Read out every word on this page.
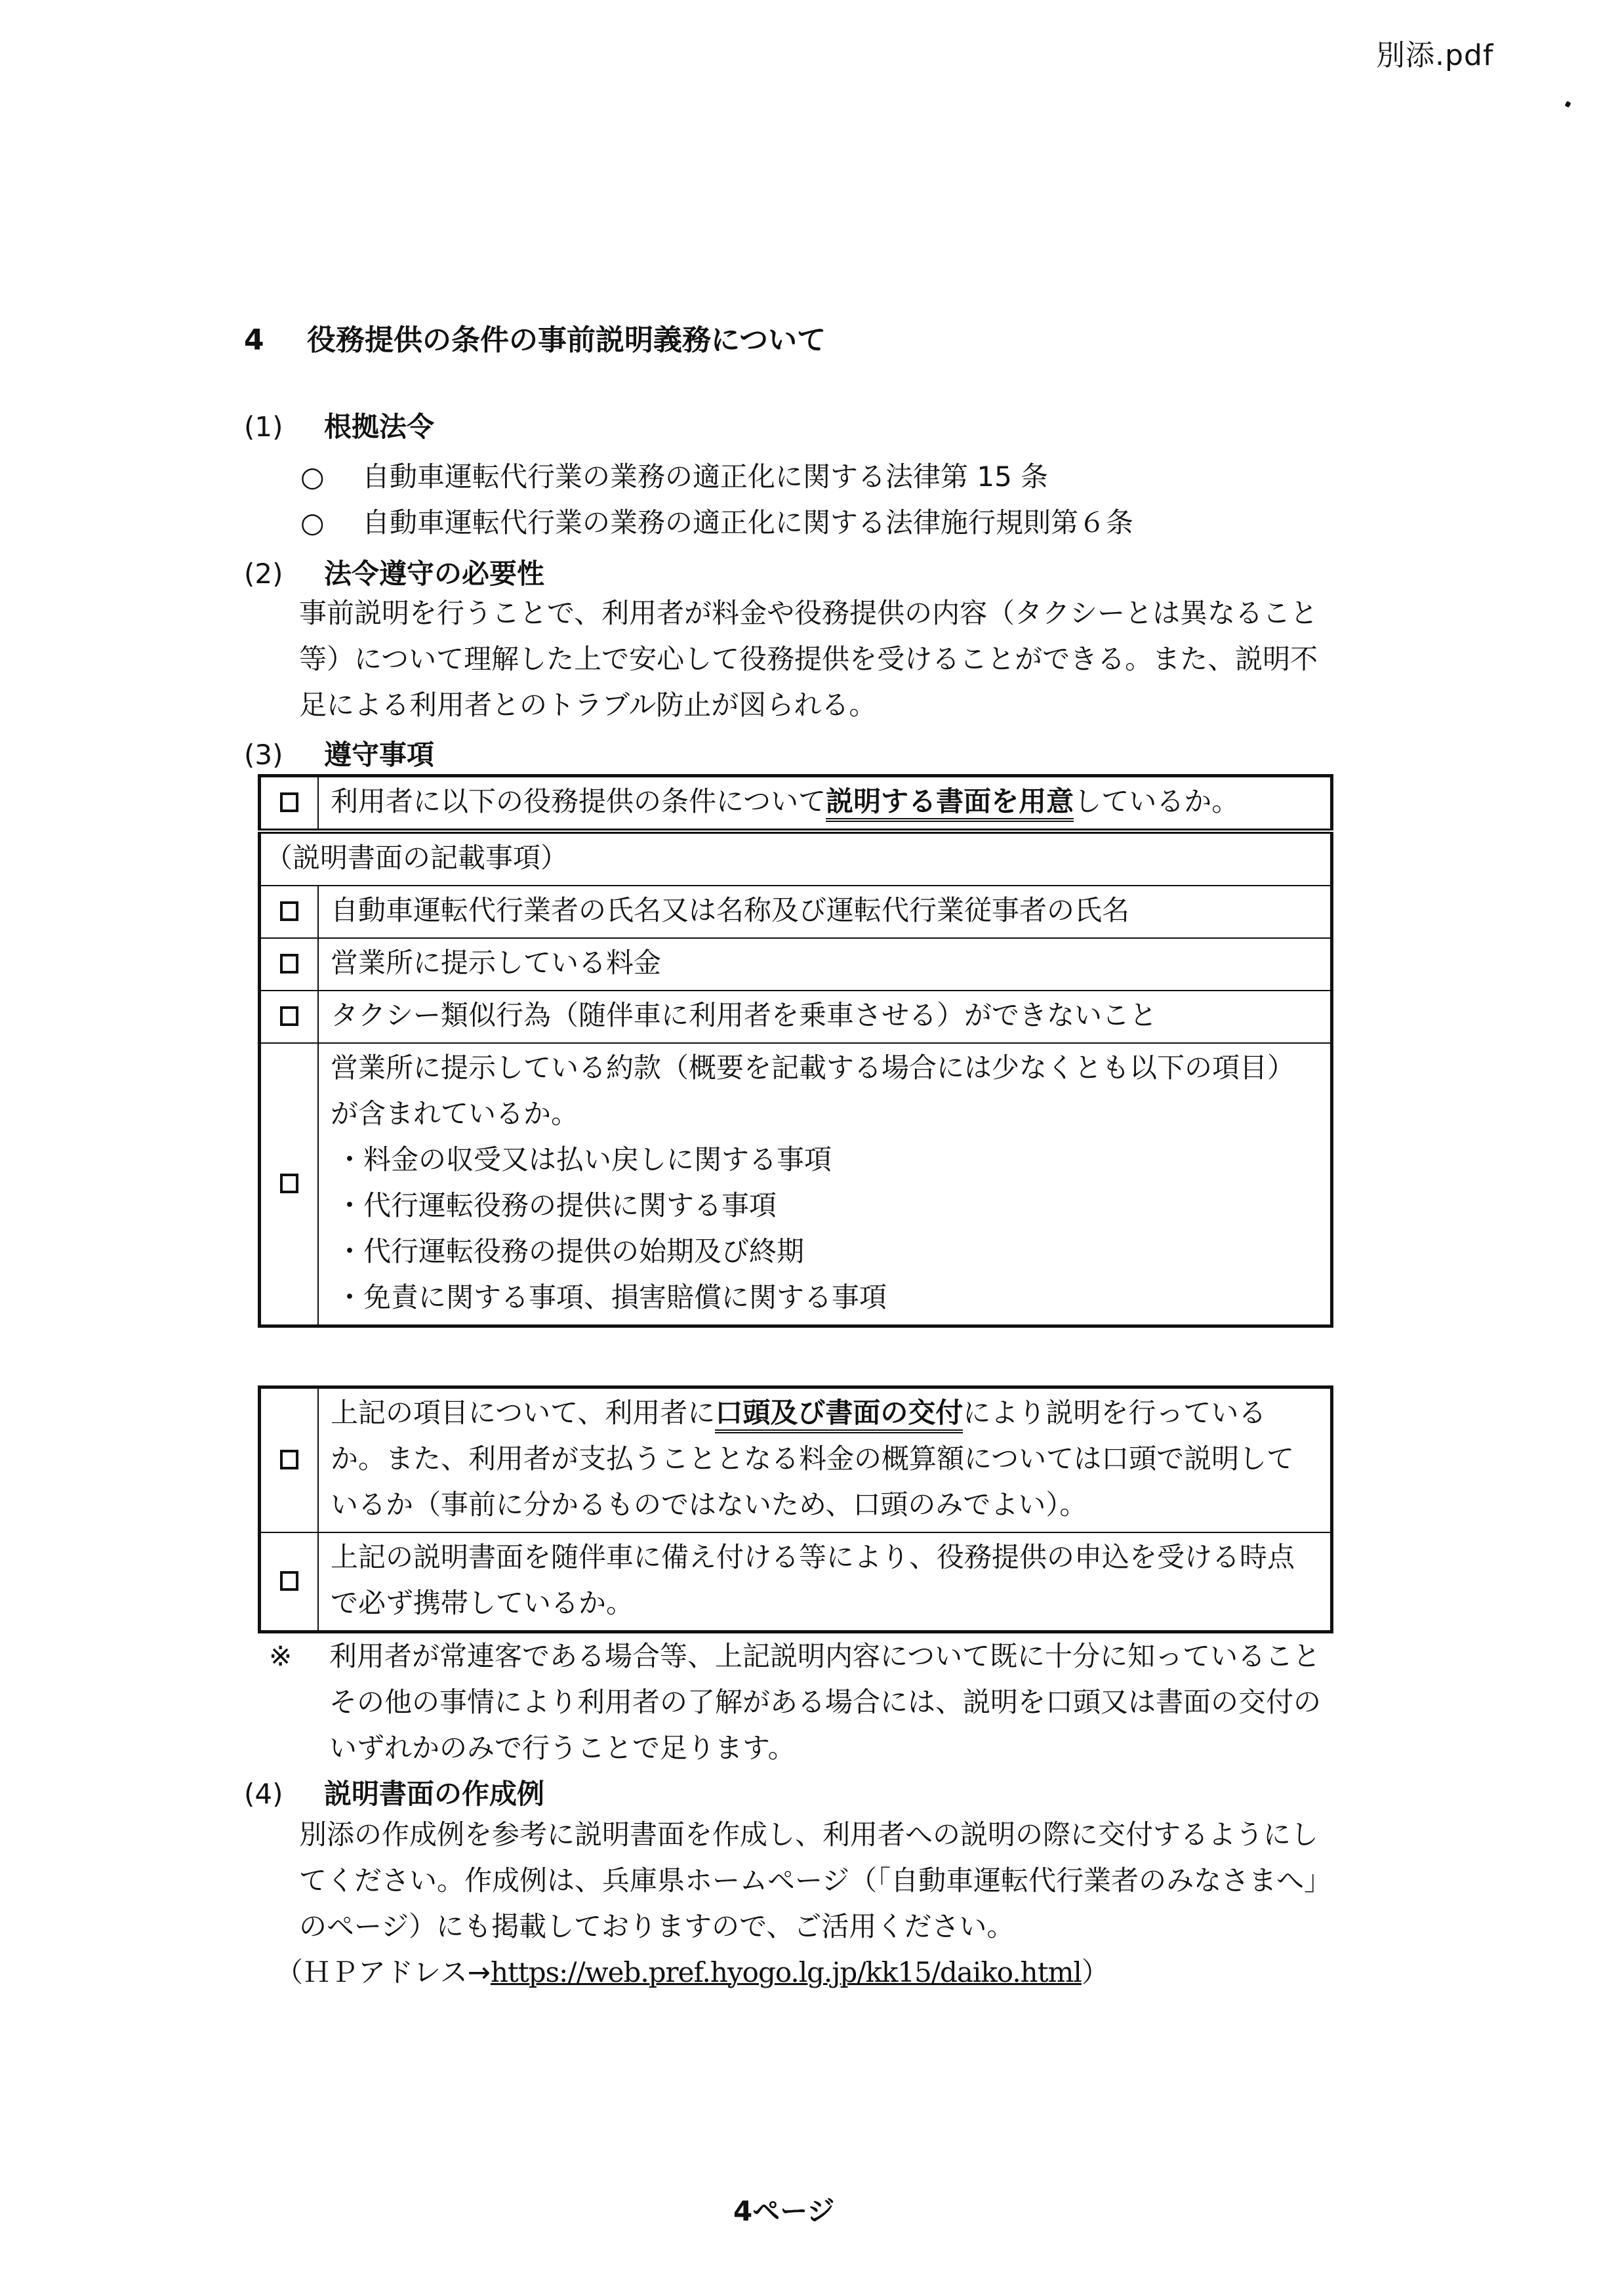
別添.pdf
4 役務提供の条件の事前説明義務について
(1) 根拠法令
○ 自動車運転代行業の業務の適正化に関する法律第 15 条
○ 自動車運転代行業の業務の適正化に関する法律施行規則第６条
(2) 法令遵守の必要性
事前説明を行うことで、利用者が料金や役務提供の内容（タクシーとは異なること等）について理解した上で安心して役務提供を受けることができる。また、説明不足による利用者とのトラブル防止が図られる。
(3) 遵守事項
	利用者に以下の役務提供の条件について説明する書面を用意しているか。
（説明書面の記載事項）	
	自動車運転代行業者の氏名又は名称及び運転代行業従事者の氏名
	営業所に提示している料金
	タクシー類似行為（随伴車に利用者を乗車させる）ができないこと

	営業所に提示している約款（概要を記載する場合には少なくとも以下の項目）が含まれているか。
・料金の収受又は払い戻しに関する事項
・代行運転役務の提供に関する事項
・代行運転役務の提供の始期及び終期
・免責に関する事項、損害賠償に関する事項
	上記の項目について、利用者に口頭及び書面の交付により説明を行っているか。また、利用者が支払うこととなる料金の概算額については口頭で説明しているか（事前に分かるものではないため、口頭のみでよい）。
	上記の説明書面を随伴車に備え付ける等により、役務提供の申込を受ける時点で必ず携帯しているか。
※	利用者が常連客である場合等、上記説明内容について既に十分に知っていることその他の事情により利用者の了解がある場合には、説明を口頭又は書面の交付のいずれかのみで行うことで足ります。
(4) 説明書面の作成例
別添の作成例を参考に説明書面を作成し、利用者への説明の際に交付するようにしてください。作成例は、兵庫県ホームページ（「自動車運転代行業者のみなさまへ」のページ）にも掲載しておりますので、ご活用ください。
（ＨＰアドレス→https://web.pref.hyogo.lg.jp/kk15/daiko.html）
4ページ
